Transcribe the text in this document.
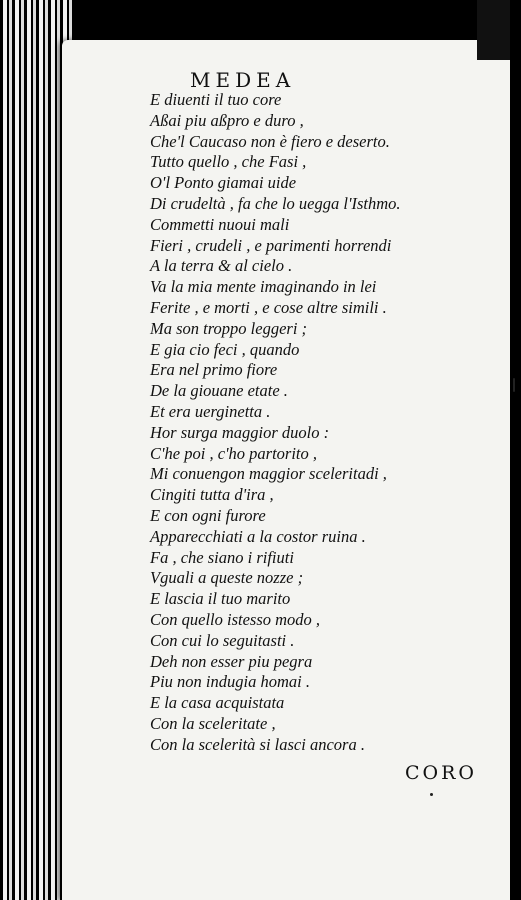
MEDEA
E diuenti il tuo core
Aßai piu aßpro e duro ,
Che'l Caucaso non è fiero e deserto.
Tutto quello , che Fasi ,
O'l Ponto giamai uide
Di crudeltà , fa che lo uegga l'Isthmo.
Commetti nuoui mali
Fieri , crudeli , e parimenti horrendi
A la terra & al cielo .
Va la mia mente imaginando in lei
Ferite , e morti , e cose altre simili .
Ma son troppo leggeri ;
E gia cio feci , quando
Era nel primo fiore
De la giouane etate .
Et era uerginetta .
Hor surga maggior duolo :
C'he poi , c'ho partorito ,
Mi conuengon maggior sceleritadi ,
Cingiti tutta d'ira ,
E con ogni furore
Apparecchiati a la costor ruina .
Fa , che siano i rifiuti
Vguali a queste nozze ;
E lascia il tuo marito
Con quello istesso modo ,
Con cui lo seguitasti .
Deh non esser piu pegra
Piu non indugia homai .
E la casa acquistata
Con la sceleritate ,
Con la scelerità si lasci ancora .
CORO
